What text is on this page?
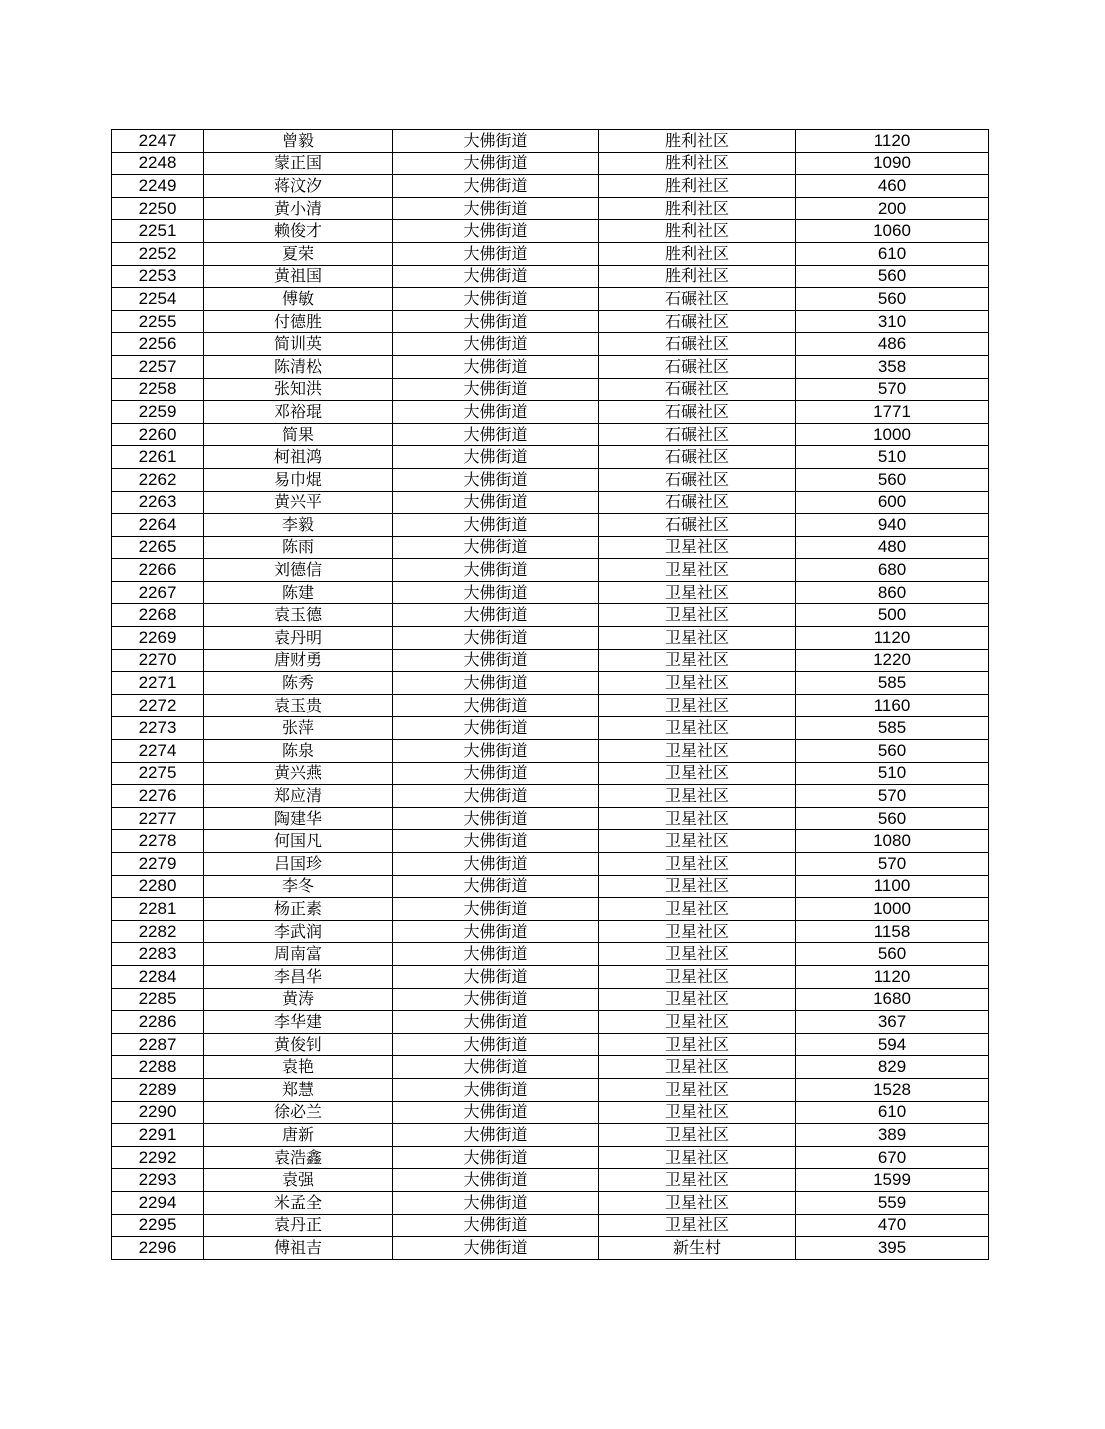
2247	曾毅	大佛街道	胜利社区	1120
2248	蒙正国	大佛街道	胜利社区	1090
2249	蒋汶汐	大佛街道	胜利社区	460
2250	黄小清	大佛街道	胜利社区	200
2251	赖俊才	大佛街道	胜利社区	1060
2252	夏荣	大佛街道	胜利社区	610
2253	黄祖国	大佛街道	胜利社区	560
2254	傅敏	大佛街道	石碾社区	560
2255	付德胜	大佛街道	石碾社区	310
2256	简训英	大佛街道	石碾社区	486
2257	陈清松	大佛街道	石碾社区	358
2258	张知洪	大佛街道	石碾社区	570
2259	邓裕琨	大佛街道	石碾社区	1771
2260	简果	大佛街道	石碾社区	1000
2261	柯祖鸿	大佛街道	石碾社区	510
2262	易巾焜	大佛街道	石碾社区	560
2263	黄兴平	大佛街道	石碾社区	600
2264	李毅	大佛街道	石碾社区	940
2265	陈雨	大佛街道	卫星社区	480
2266	刘德信	大佛街道	卫星社区	680
2267	陈建	大佛街道	卫星社区	860
2268	袁玉德	大佛街道	卫星社区	500
2269	袁丹明	大佛街道	卫星社区	1120
2270	唐财勇	大佛街道	卫星社区	1220
2271	陈秀	大佛街道	卫星社区	585
2272	袁玉贵	大佛街道	卫星社区	1160
2273	张萍	大佛街道	卫星社区	585
2274	陈泉	大佛街道	卫星社区	560
2275	黄兴燕	大佛街道	卫星社区	510
2276	郑应清	大佛街道	卫星社区	570
2277	陶建华	大佛街道	卫星社区	560
2278	何国凡	大佛街道	卫星社区	1080
2279	吕国珍	大佛街道	卫星社区	570
2280	李冬	大佛街道	卫星社区	1100
2281	杨正素	大佛街道	卫星社区	1000
2282	李武润	大佛街道	卫星社区	1158
2283	周南富	大佛街道	卫星社区	560
2284	李昌华	大佛街道	卫星社区	1120
2285	黄涛	大佛街道	卫星社区	1680
2286	李华建	大佛街道	卫星社区	367
2287	黄俊钊	大佛街道	卫星社区	594
2288	袁艳	大佛街道	卫星社区	829
2289	郑慧	大佛街道	卫星社区	1528
2290	徐必兰	大佛街道	卫星社区	610
2291	唐新	大佛街道	卫星社区	389
2292	袁浩鑫	大佛街道	卫星社区	670
2293	袁强	大佛街道	卫星社区	1599
2294	米孟全	大佛街道	卫星社区	559
2295	袁丹正	大佛街道	卫星社区	470
2296	傅祖吉	大佛街道	新生村	395
